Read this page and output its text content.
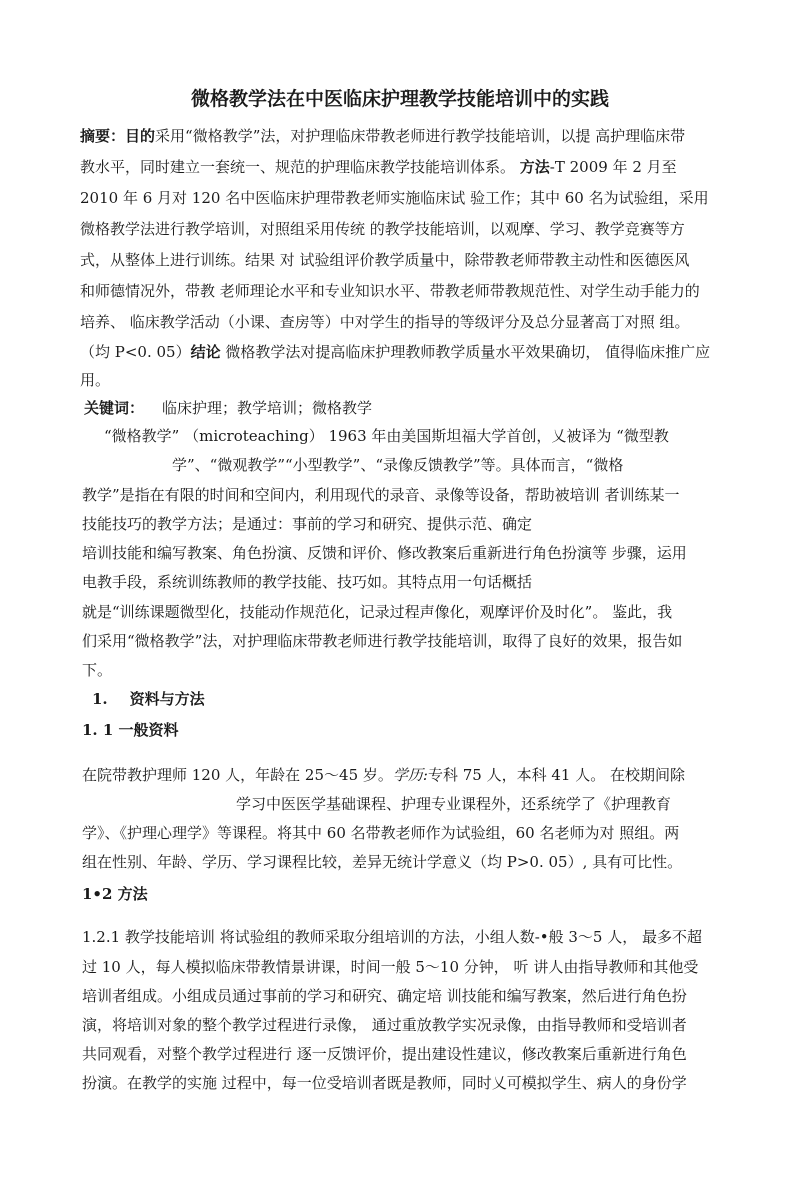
微格教学法在中医临床护理教学技能培训中的实践

摘要：目的采用“微格教学”法，对护理临床带教老师进行教学技能培训，以提 高护理临床带

教水平，同时建立一套统一、规范的护理临床教学技能培训体系。 方法-T 2009 年 2 月至

2010 年 6 月对 120 名中医临床护理带教老师实施临床试 验工作；其中 60 名为试验组，采用

微格教学法进行教学培训，对照组采用传统 的教学技能培训，以观摩、学习、教学竞赛等方

式，从整体上进行训练。结果 对 试验组评价教学质量中，除带教老师带教主动性和医德医风

和师德情况外，带教 老师理论水平和专业知识水平、带教老师带教规范性、对学生动手能力的

培养、 临床教学活动（小课、查房等）中对学生的指导的等级评分及总分显著高丁对照 组。

（均 P<0. 05）结论 微格教学法对提高临床护理教师教学质量水平效果确切， 值得临床推广应

用。

关键词： 临床护理；教学培训；微格教学

“微格教学” （microteaching） 1963 年由美国斯坦福大学首创，乂被译为 “微型教

学”、“微观教学”“小型教学”、“录像反馈教学”等。具体而言，“微格

教学”是指在有限的时间和空间内，利用现代的录音、录像等设备，帮助被培训 者训练某一

技能技巧的教学方法；是通过：事前的学习和研究、提供示范、确定

培训技能和编写教案、角色扮演、反馈和评价、修改教案后重新进行角色扮演等 步骤，运用

电教手段，系统训练教师的教学技能、技巧如。其特点用一句话概括

就是“训练课题微型化，技能动作规范化，记录过程声像化，观摩评价及时化”。 鉴此，我

们采用“微格教学”法，对护理临床带教老师进行教学技能培训，取得了良好的效果，报告如

下。

1. 资料与方法

1. 1 一般资料

在院带教护理师 120 人，年龄在 25〜45 岁。学历:专科 75 人，本科 41 人。 在校期间除

学习中医医学基础课程、护理专业课程外，还系统学了《护理教育

学》、《护理心理学》等课程。将其中 60 名带教老师作为试验组，60 名老师为对 照组。两

组在性别、年龄、学历、学习课程比较，差异无统计学意义（均 P>0. 05）, 具有可比性。

1•2 方法

1.2.1 教学技能培训 将试验组的教师采取分组培训的方法，小组人数-•般 3〜5 人， 最多不超

过 10 人，每人模拟临床带教情景讲课，时间一般 5〜10 分钟， 听 讲人由指导教师和其他受

培训者组成。小组成员通过事前的学习和研究、确定培 训技能和编写教案，然后进行角色扮

演，将培训对象的整个教学过程进行录像， 通过重放教学实况录像，由指导教师和受培训者

共同观看，对整个教学过程进行 逐一反馈评价，提出建设性建议，修改教案后重新进行角色

扮演。在教学的实施 过程中，每一位受培训者既是教师，同时乂可模拟学生、病人的身份学
